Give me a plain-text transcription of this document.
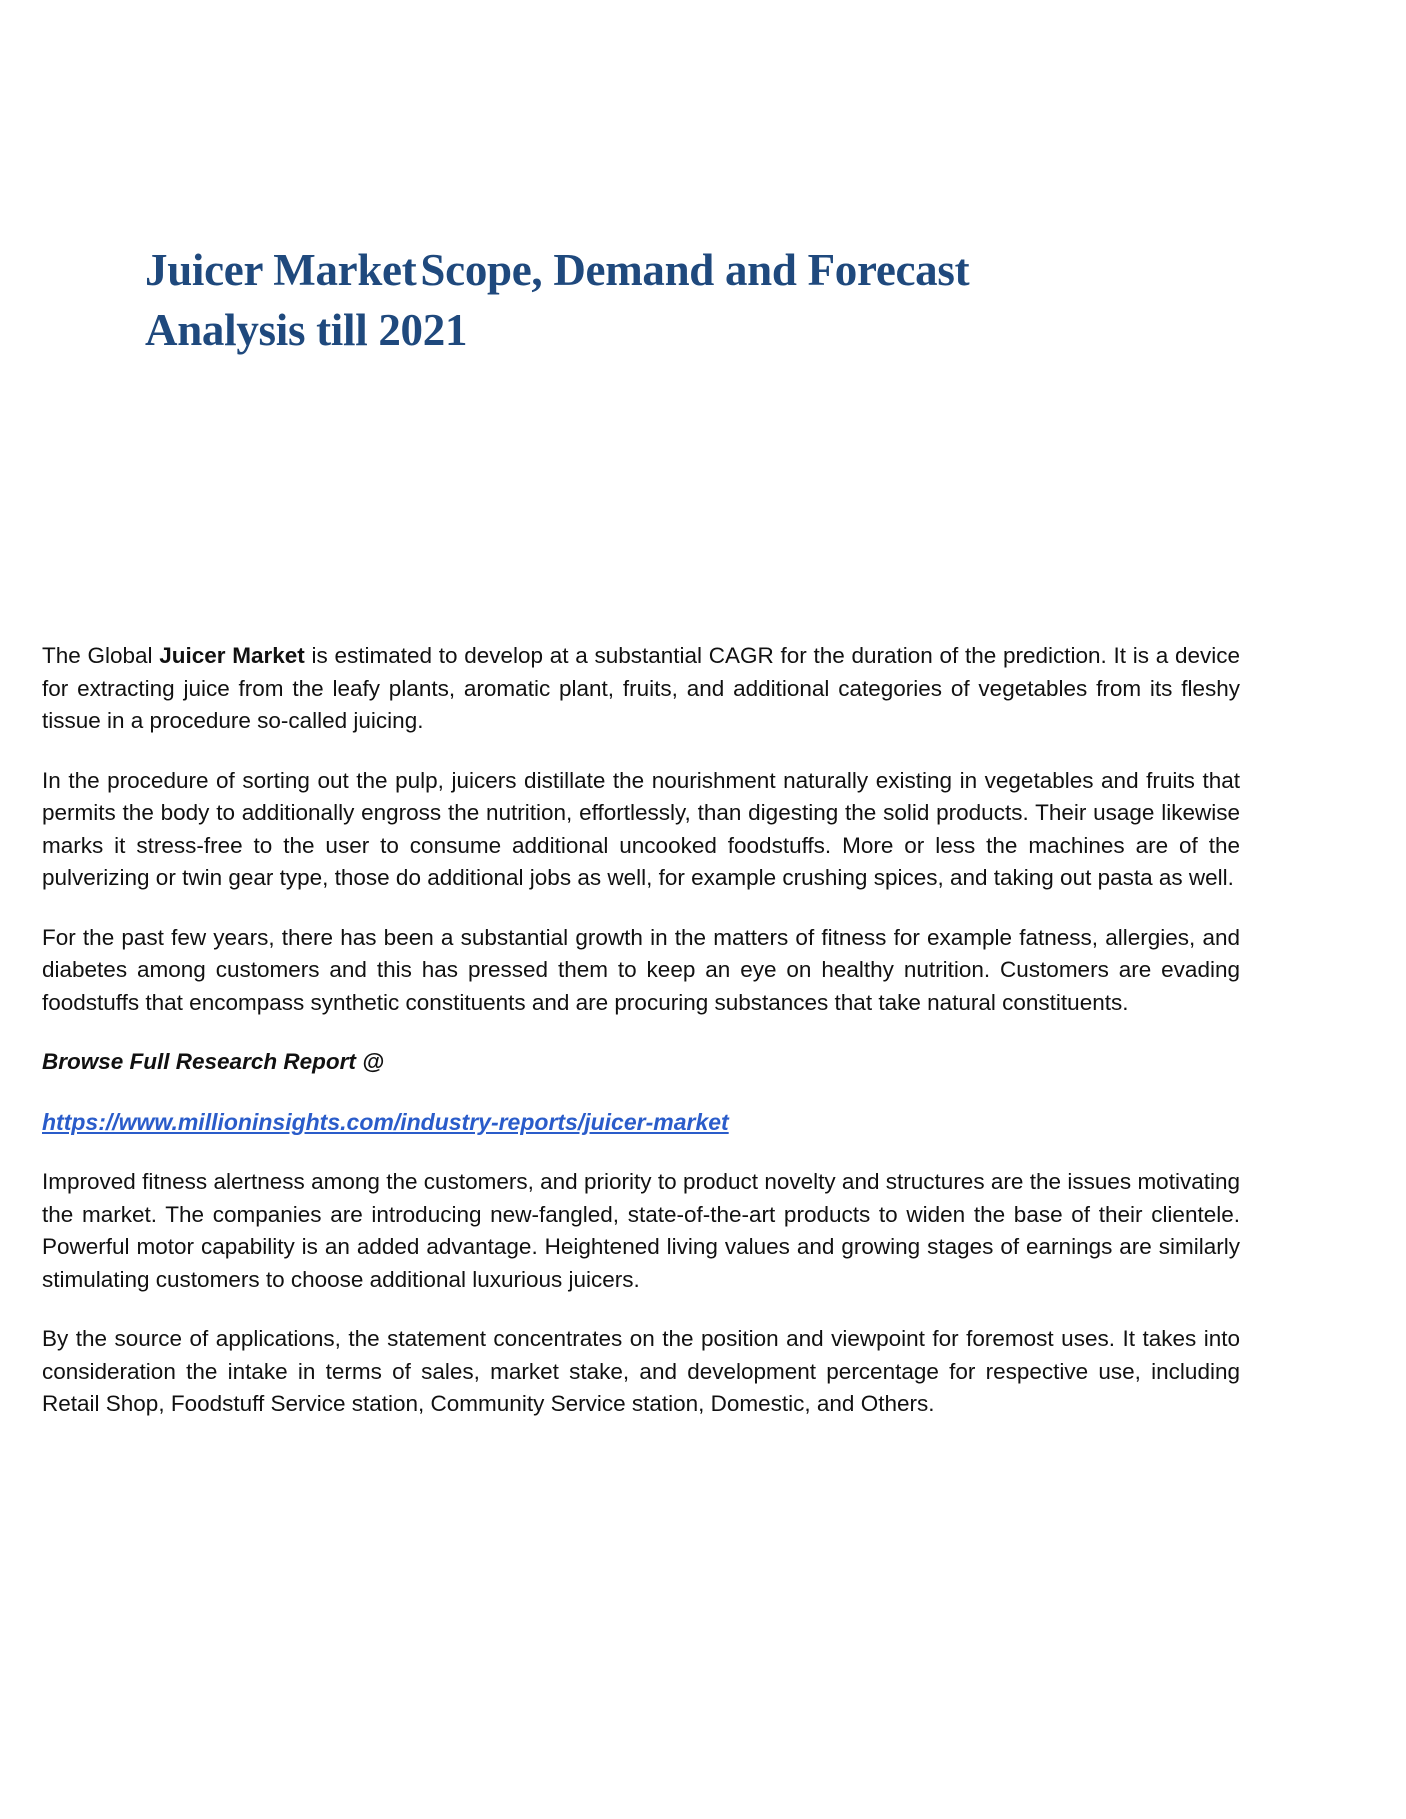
Juicer MarketScope, Demand and Forecast
Analysis till 2021

The Global Juicer Market is estimated to develop at a substantial CAGR for the duration of the prediction. It is a device for extracting juice from the leafy plants, aromatic plant, fruits, and additional categories of vegetables from its fleshy tissue in a procedure so-called juicing.

In the procedure of sorting out the pulp, juicers distillate the nourishment naturally existing in vegetables and fruits that permits the body to additionally engross the nutrition, effortlessly, than digesting the solid products. Their usage likewise marks it stress-free to the user to consume additional uncooked foodstuffs. More or less the machines are of the pulverizing or twin gear type, those do additional jobs as well, for example crushing spices, and taking out pasta as well.

For the past few years, there has been a substantial growth in the matters of fitness for example fatness, allergies, and diabetes among customers and this has pressed them to keep an eye on healthy nutrition. Customers are evading foodstuffs that encompass synthetic constituents and are procuring substances that take natural constituents.

Browse Full Research Report @

https://www.millioninsights.com/industry-reports/juicer-market

Improved fitness alertness among the customers, and priority to product novelty and structures are the issues motivating the market. The companies are introducing new-fangled, state-of-the-art products to widen the base of their clientele. Powerful motor capability is an added advantage. Heightened living values and growing stages of earnings are similarly stimulating customers to choose additional luxurious juicers.

By the source of applications, the statement concentrates on the position and viewpoint for foremost uses. It takes into consideration the intake in terms of sales, market stake, and development percentage for respective use, including Retail Shop, Foodstuff Service station, Community Service station, Domestic, and Others.
